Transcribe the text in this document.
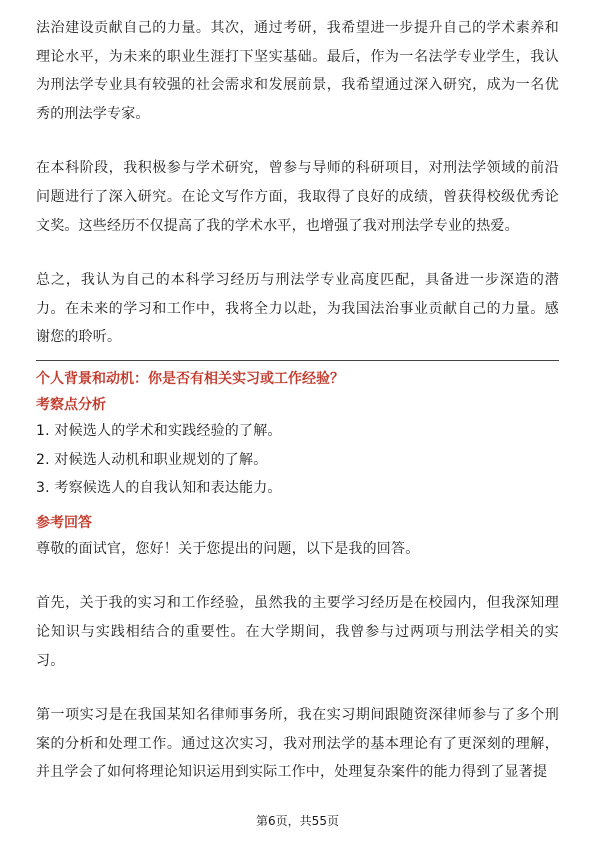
法治建设贡献自己的力量。其次，通过考研，我希望进一步提升自己的学术素养和理论水平，为未来的职业生涯打下坚实基础。最后，作为一名法学专业学生，我认为刑法学专业具有较强的社会需求和发展前景，我希望通过深入研究，成为一名优秀的刑法学专家。

在本科阶段，我积极参与学术研究，曾参与导师的科研项目，对刑法学领域的前沿问题进行了深入研究。在论文写作方面，我取得了良好的成绩，曾获得校级优秀论文奖。这些经历不仅提高了我的学术水平，也增强了我对刑法学专业的热爱。

总之，我认为自己的本科学习经历与刑法学专业高度匹配，具备进一步深造的潜力。在未来的学习和工作中，我将全力以赴，为我国法治事业贡献自己的力量。感谢您的聆听。

个人背景和动机：你是否有相关实习或工作经验？

考察点分析

1. 对候选人的学术和实践经验的了解。
2. 对候选人动机和职业规划的了解。
3. 考察候选人的自我认知和表达能力。

参考回答

尊敬的面试官，您好！关于您提出的问题，以下是我的回答。

首先，关于我的实习和工作经验，虽然我的主要学习经历是在校园内，但我深知理论知识与实践相结合的重要性。在大学期间，我曾参与过两项与刑法学相关的实习。

第一项实习是在我国某知名律师事务所，我在实习期间跟随资深律师参与了多个刑案的分析和处理工作。通过这次实习，我对刑法学的基本理论有了更深刻的理解，并且学会了如何将理论知识运用到实际工作中，处理复杂案件的能力得到了显著提

第6页，共55页
